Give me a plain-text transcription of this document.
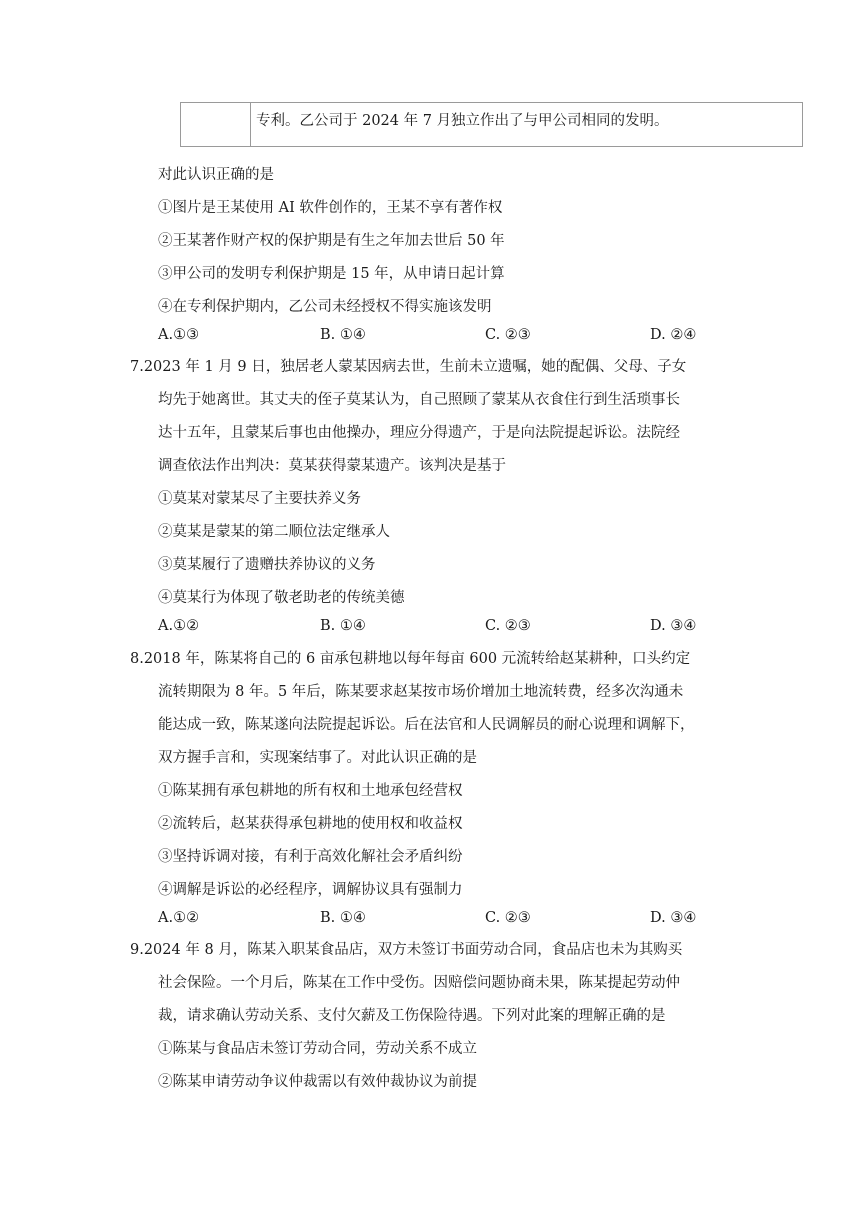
专利。乙公司于 2024 年 7 月独立作出了与甲公司相同的发明。
对此认识正确的是
①图片是王某使用 AI 软件创作的，王某不享有著作权
②王某著作财产权的保护期是有生之年加去世后 50 年
③甲公司的发明专利保护期是 15 年，从申请日起计算
④在专利保护期内，乙公司未经授权不得实施该发明
A.①③	B. ①④	C. ②③	D. ②④
7.2023 年 1 月 9 日，独居老人蒙某因病去世，生前未立遗嘱，她的配偶、父母、子女
均先于她离世。其丈夫的侄子莫某认为，自己照顾了蒙某从衣食住行到生活琐事长
达十五年，且蒙某后事也由他操办，理应分得遗产，于是向法院提起诉讼。法院经
调查依法作出判决：莫某获得蒙某遗产。该判决是基于
①莫某对蒙某尽了主要扶养义务
②莫某是蒙某的第二顺位法定继承人
③莫某履行了遗赠扶养协议的义务
④莫某行为体现了敬老助老的传统美德
A.①②	B. ①④	C. ②③	D. ③④
8.2018 年，陈某将自己的 6 亩承包耕地以每年每亩 600 元流转给赵某耕种，口头约定
流转期限为 8 年。5 年后，陈某要求赵某按市场价增加土地流转费，经多次沟通未
能达成一致，陈某遂向法院提起诉讼。后在法官和人民调解员的耐心说理和调解下，
双方握手言和，实现案结事了。对此认识正确的是
①陈某拥有承包耕地的所有权和土地承包经营权
②流转后，赵某获得承包耕地的使用权和收益权
③坚持诉调对接，有利于高效化解社会矛盾纠纷
④调解是诉讼的必经程序，调解协议具有强制力
A.①②	B. ①④	C. ②③	D. ③④
9.2024 年 8 月，陈某入职某食品店，双方未签订书面劳动合同，食品店也未为其购买
社会保险。一个月后，陈某在工作中受伤。因赔偿问题协商未果，陈某提起劳动仲
裁，请求确认劳动关系、支付欠薪及工伤保险待遇。下列对此案的理解正确的是
①陈某与食品店未签订劳动合同，劳动关系不成立
②陈某申请劳动争议仲裁需以有效仲裁协议为前提
